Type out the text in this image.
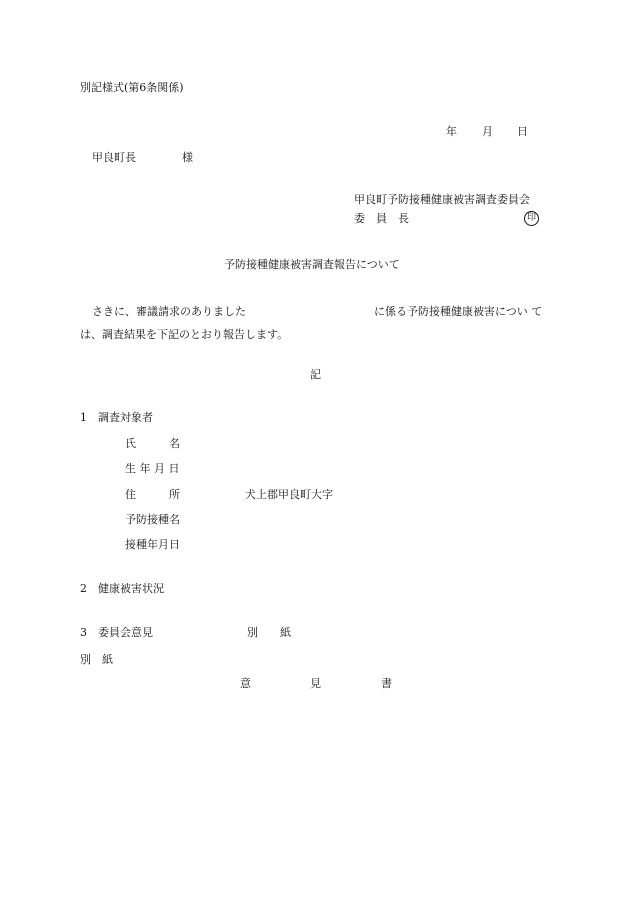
別記様式(第6条関係)
年 月 日
甲良町長	様
甲良町予防接種健康被害調査委員会
委　員　長	印
予防接種健康被害調査報告について
さきに、審議請求のありました	に係る予防接種健康被害につい て
は、調査結果を下記のとおり報告します。
記
1　調査対象者
氏　　　名
生 年 月 日
住　　　所	犬上郡甲良町大字
予防接種名
接種年月日
2　健康被害状況
3　委員会意見	別　　紙
別　紙
意	見	書
